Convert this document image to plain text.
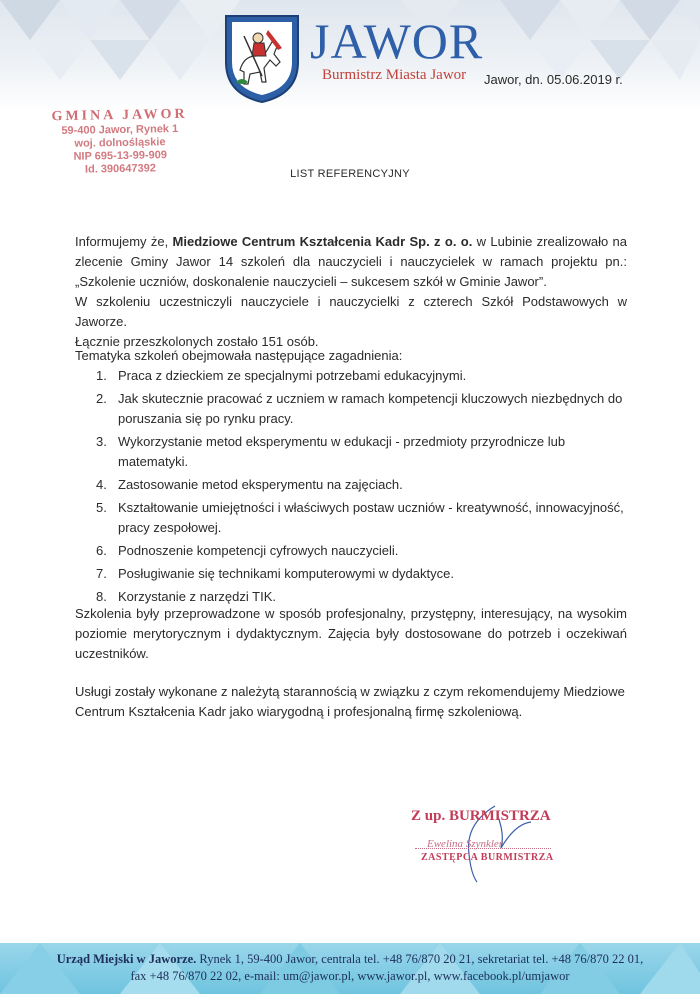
JAWOR
Burmistrz Miasta Jawor Jawor, dn. 05.06.2019 r.
GMINA JAWOR
59-400 Jawor, Rynek 1
woj. dolnośląskie
NIP 695-13-99-909
Id. 390647392	LIST REFERENCYJNY
Informujemy że, Miedziowe Centrum Kształcenia Kadr Sp. z o. o. w Lubinie zrealizowało na
zlecenie Gminy Jawor 14 szkoleń dla nauczycieli i nauczycielek w ramach projektu pn.:
„Szkolenie uczniów, doskonalenie nauczycieli – sukcesem szkół w Gminie Jawor”.
W szkoleniu uczestniczyli nauczyciele i nauczycielki z czterech Szkół Podstawowych w Jaworze.
Łącznie przeszkolonych zostało 151 osób.
Tematyka szkoleń obejmowała następujące zagadnienia:
1. Praca z dzieckiem ze specjalnymi potrzebami edukacyjnymi.
2. Jak skutecznie pracować z uczniem w ramach kompetencji kluczowych niezbędnych do poruszania się po rynku pracy.
3. Wykorzystanie metod eksperymentu w edukacji - przedmioty przyrodnicze lub matematyki.
4. Zastosowanie metod eksperymentu na zajęciach.
5. Kształtowanie umiejętności i właściwych postaw uczniów - kreatywność, innowacyjność, pracy zespołowej.
6. Podnoszenie kompetencji cyfrowych nauczycieli.
7. Posługiwanie się technikami komputerowymi w dydaktyce.
8. Korzystanie z narzędzi TIK.
Szkolenia były przeprowadzone w sposób profesjonalny, przystępny, interesujący, na wysokim poziomie merytorycznym i dydaktycznym. Zajęcia były dostosowane do potrzeb i oczekiwań uczestników.
Usługi zostały wykonane z należytą starannością w związku z czym rekomendujemy Miedziowe Centrum Kształcenia Kadr jako wiarygodną i profesjonalną firmę szkoleniową.
Z up. BURMISTRZA
Ewelina Szynkler
ZASTĘPCA BURMISTRZA
Urząd Miejski w Jaworze. Rynek 1, 59-400 Jawor, centrala tel. +48 76/870 20 21, sekretariat tel. +48 76/870 22 01,
fax +48 76/870 22 02, e-mail: um@jawor.pl, www.jawor.pl, www.facebook.pl/umjawor
